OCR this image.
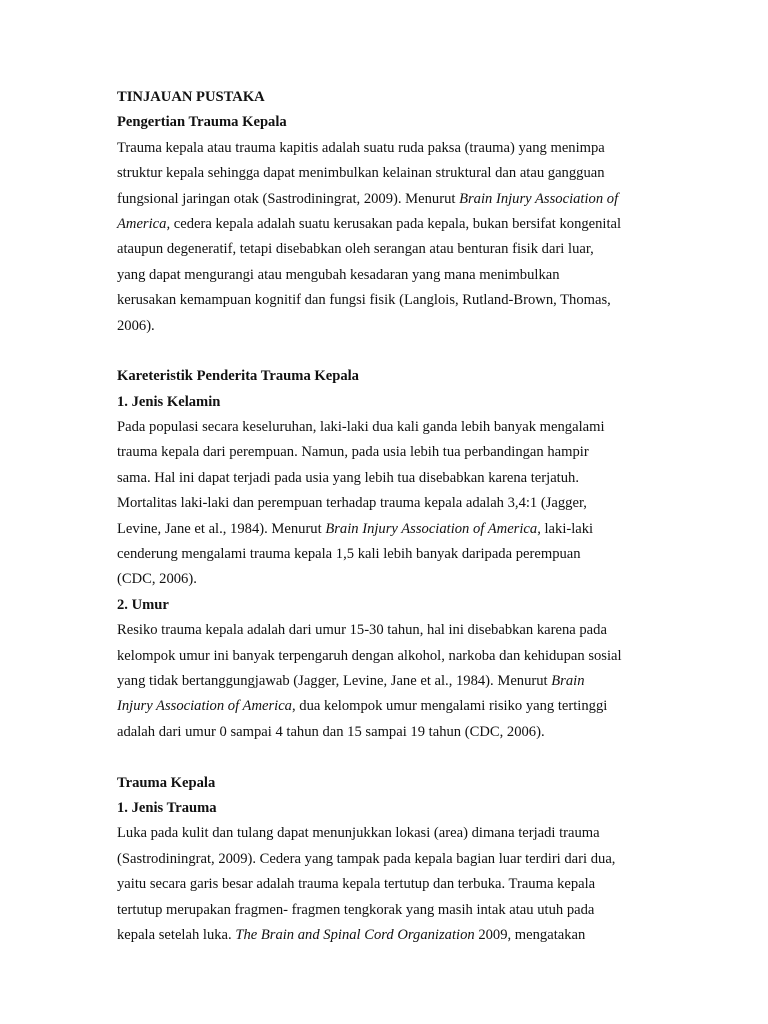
TINJAUAN PUSTAKA
Pengertian Trauma Kepala
Trauma kepala atau trauma kapitis adalah suatu ruda paksa (trauma) yang menimpa
struktur kepala sehingga dapat menimbulkan kelainan struktural dan atau gangguan
fungsional jaringan otak (Sastrodiningrat, 2009). Menurut Brain Injury Association of
America, cedera kepala adalah suatu kerusakan pada kepala, bukan bersifat kongenital
ataupun degeneratif, tetapi disebabkan oleh serangan atau benturan fisik dari luar,
yang dapat mengurangi atau mengubah kesadaran yang mana menimbulkan
kerusakan kemampuan kognitif dan fungsi fisik (Langlois, Rutland-Brown, Thomas,
2006).
Kareteristik Penderita Trauma Kepala
1. Jenis Kelamin
Pada populasi secara keseluruhan, laki-laki dua kali ganda lebih banyak mengalami
trauma kepala dari perempuan. Namun, pada usia lebih tua perbandingan hampir
sama. Hal ini dapat terjadi pada usia yang lebih tua disebabkan karena terjatuh.
Mortalitas laki-laki dan perempuan terhadap trauma kepala adalah 3,4:1 (Jagger,
Levine, Jane et al., 1984). Menurut Brain Injury Association of America, laki-laki
cenderung mengalami trauma kepala 1,5 kali lebih banyak daripada perempuan
(CDC, 2006).
2. Umur
Resiko trauma kepala adalah dari umur 15-30 tahun, hal ini disebabkan karena pada
kelompok umur ini banyak terpengaruh dengan alkohol, narkoba dan kehidupan sosial
yang tidak bertanggungjawab (Jagger, Levine, Jane et al., 1984). Menurut Brain
Injury Association of America, dua kelompok umur mengalami risiko yang tertinggi
adalah dari umur 0 sampai 4 tahun dan 15 sampai 19 tahun (CDC, 2006).
Trauma Kepala
1. Jenis Trauma
Luka pada kulit dan tulang dapat menunjukkan lokasi (area) dimana terjadi trauma
(Sastrodiningrat, 2009). Cedera yang tampak pada kepala bagian luar terdiri dari dua,
yaitu secara garis besar adalah trauma kepala tertutup dan terbuka. Trauma kepala
tertutup merupakan fragmen- fragmen tengkorak yang masih intak atau utuh pada
kepala setelah luka. The Brain and Spinal Cord Organization 2009, mengatakan
